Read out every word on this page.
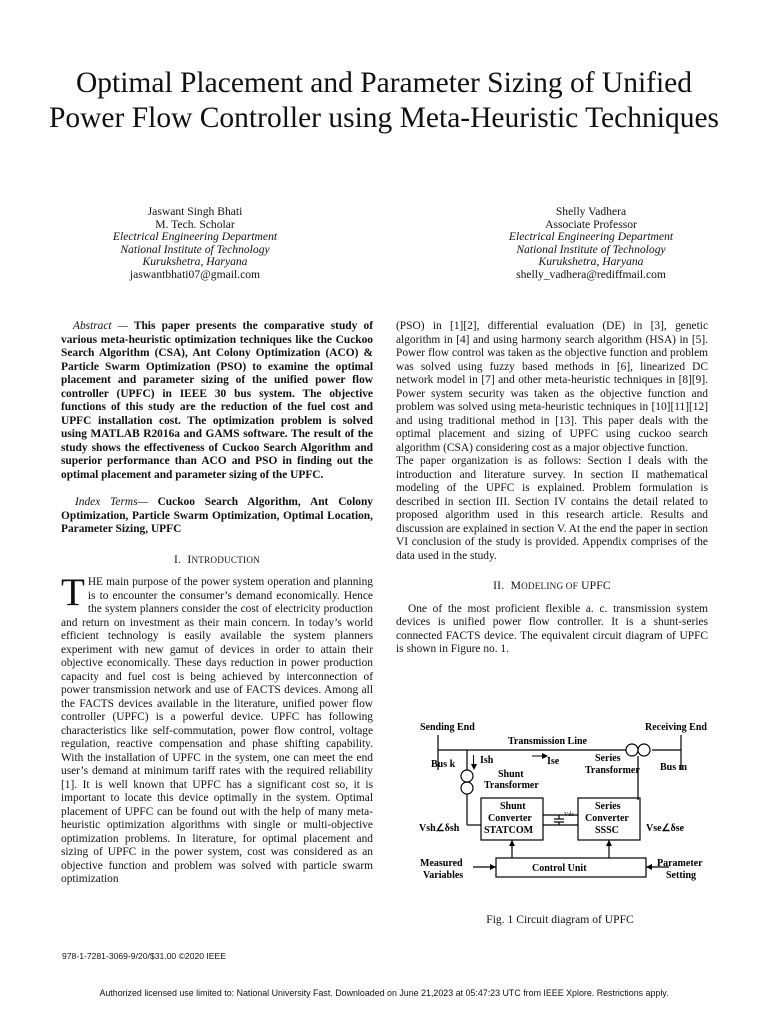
Optimal Placement and Parameter Sizing of Unified Power Flow Controller using Meta-Heuristic Techniques
Jaswant Singh Bhati
M. Tech. Scholar
Electrical Engineering Department
National Institute of Technology
Kurukshetra, Haryana
jaswantbhati07@gmail.com
Shelly Vadhera
Associate Professor
Electrical Engineering Department
National Institute of Technology
Kurukshetra, Haryana
shelly_vadhera@rediffmail.com

Abstract — This paper presents the comparative study of various meta-heuristic optimization techniques like the Cuckoo Search Algorithm (CSA), Ant Colony Optimization (ACO) & Particle Swarm Optimization (PSO) to examine the optimal placement and parameter sizing of the unified power flow controller (UPFC) in IEEE 30 bus system. The objective functions of this study are the reduction of the fuel cost and UPFC installation cost. The optimization problem is solved using MATLAB R2016a and GAMS software. The result of the study shows the effectiveness of Cuckoo Search Algorithm and superior performance than ACO and PSO in finding out the optimal placement and parameter sizing of the UPFC.

Index Terms— Cuckoo Search Algorithm, Ant Colony Optimization, Particle Swarm Optimization, Optimal Location, Parameter Sizing, UPFC

I. INTRODUCTION

THE main purpose of the power system operation and planning is to encounter the consumer’s demand economically. Hence the system planners consider the cost of electricity production and return on investment as their main concern. In today’s world efficient technology is easily available the system planners experiment with new gamut of devices in order to attain their objective economically. These days reduction in power production capacity and fuel cost is being achieved by interconnection of power transmission network and use of FACTS devices. Among all the FACTS devices available in the literature, unified power flow controller (UPFC) is a powerful device. UPFC has following characteristics like self-commutation, power flow control, voltage regulation, reactive compensation and phase shifting capability. With the installation of UPFC in the system, one can meet the end user’s demand at minimum tariff rates with the required reliability [1]. It is well known that UPFC has a significant cost so, it is important to locate this device optimally in the system. Optimal placement of UPFC can be found out with the help of many meta-heuristic optimization algorithms with single or multi-objective optimization problems. In literature, for optimal placement and sizing of UPFC in the power system, cost was considered as an objective function and problem was solved with particle swarm optimization

(PSO) in [1][2], differential evaluation (DE) in [3], genetic algorithm in [4] and using harmony search algorithm (HSA) in [5]. Power flow control was taken as the objective function and problem was solved using fuzzy based methods in [6], linearized DC network model in [7] and other meta-heuristic techniques in [8][9]. Power system security was taken as the objective function and problem was solved using meta-heuristic techniques in [10][11][12] and using traditional method in [13]. This paper deals with the optimal placement and sizing of UPFC using cuckoo search algorithm (CSA) considering cost as a major objective function.

The paper organization is as follows: Section I deals with the introduction and literature survey. In section II mathematical modeling of the UPFC is explained. Problem formulation is described in section III. Section IV contains the detail related to proposed algorithm used in this research article. Results and discussion are explained in section V. At the end the paper in section VI conclusion of the study is provided. Appendix comprises of the data used in the study.

II. MODELING OF UPFC

One of the most proficient flexible a. c. transmission system devices is unified power flow controller. It is a shunt-series connected FACTS device. The equivalent circuit diagram of UPFC is shown in Figure no. 1.

Sending End	Receiving End
Transmission Line
Bus k	Bus m
Ish	Ise
Shunt
Transformer
Series
Transformer
Shunt
Converter
STATCOM
Series
Converter
SSSC
Vsh∠δsh	Vse∠δse
Control Unit
Measured
Variables
Parameter
Setting
Vdc
Fig. 1 Circuit diagram of UPFC
978-1-7281-3069-9/20/$31.00 ©2020 IEEE
Authorized licensed use limited to: National University Fast. Downloaded on June 21,2023 at 05:47:23 UTC from IEEE Xplore. Restrictions apply.
